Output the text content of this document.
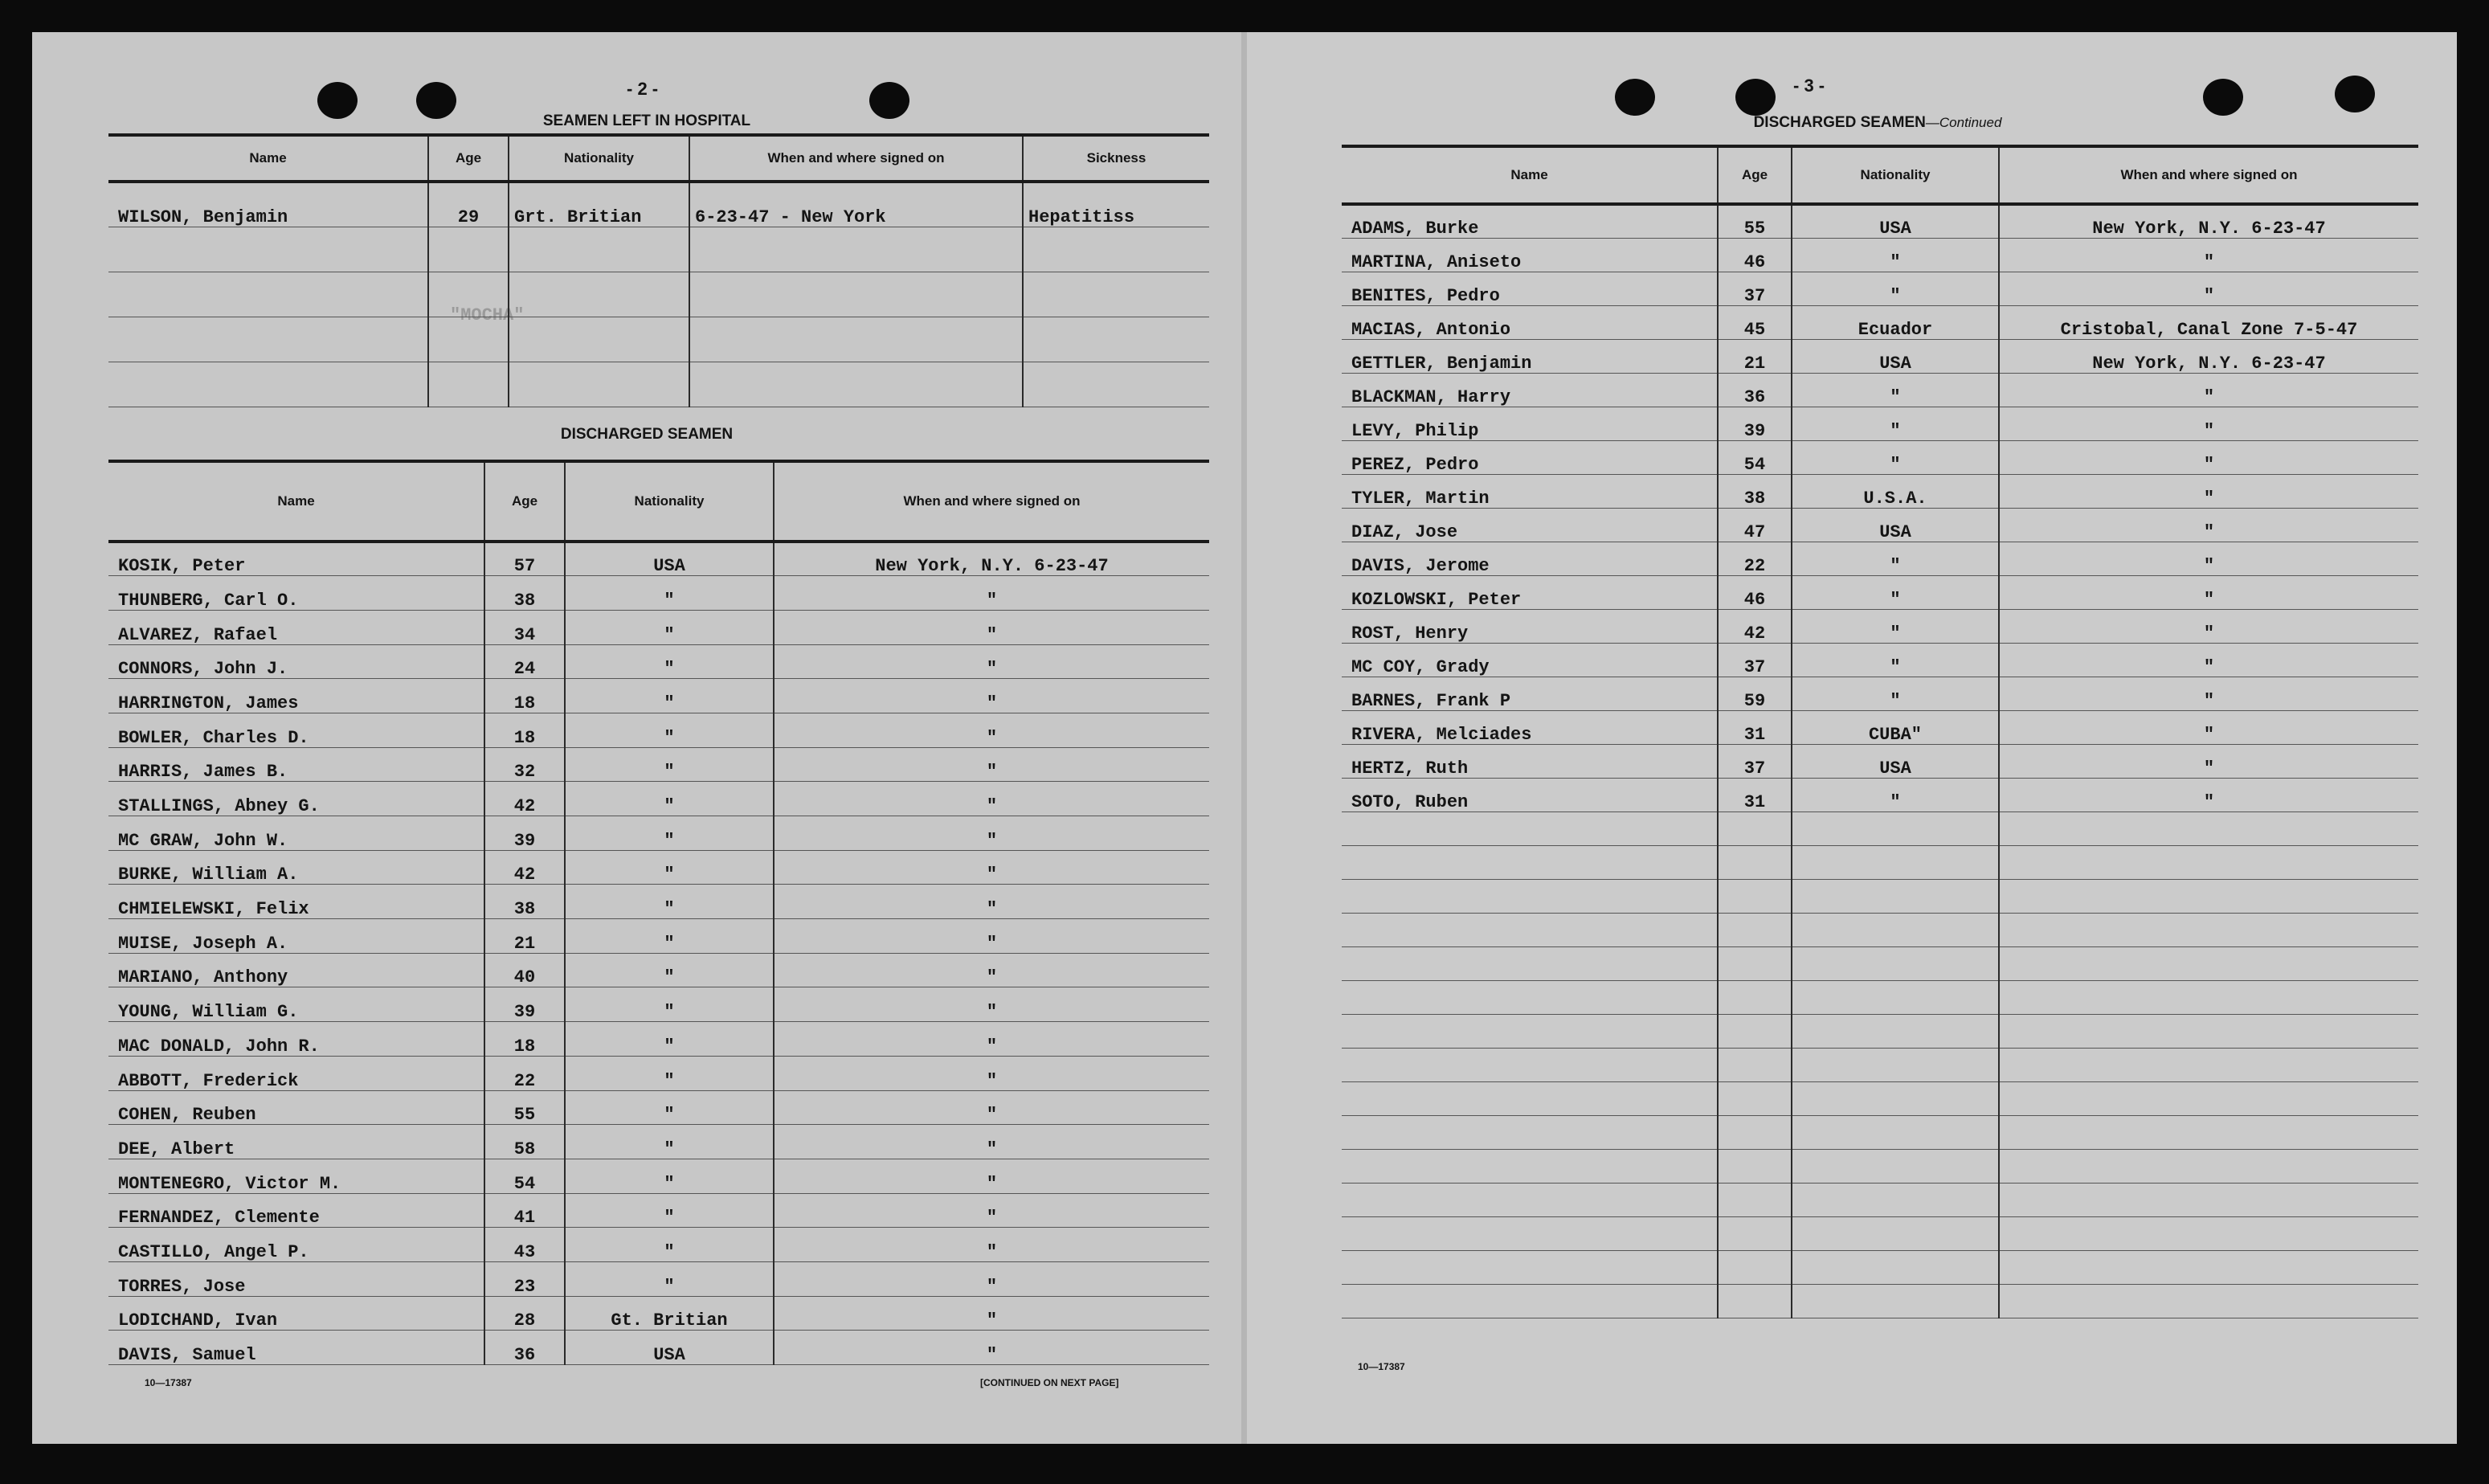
- 2 -
"MOCHA"
SEAMEN LEFT IN HOSPITAL
Name	Age	Nationality	When and where signed on	Sickness
WILSON, Benjamin	29	Grt. Britian	6-23-47 - New York	Hepatitiss

DISCHARGED SEAMEN
Name	Age	Nationality	When and where signed on
KOSIK, Peter	57	USA	New York, N.Y. 6-23-47
THUNBERG, Carl O.	38	"	"
ALVAREZ, Rafael	34	"	"
CONNORS, John J.	24	"	"
HARRINGTON, James	18	"	"
BOWLER, Charles D.	18	"	"
HARRIS, James B.	32	"	"
STALLINGS, Abney G.	42	"	"
MC GRAW, John W.	39	"	"
BURKE, William A.	42	"	"
CHMIELEWSKI, Felix	38	"	"
MUISE, Joseph A.	21	"	"
MARIANO, Anthony	40	"	"
YOUNG, William G.	39	"	"
MAC DONALD, John R.	18	"	"
ABBOTT, Frederick	22	"	"
COHEN, Reuben	55	"	"
DEE, Albert	58	"	"
MONTENEGRO, Victor M.	54	"	"
FERNANDEZ, Clemente	41	"	"
CASTILLO, Angel P.	43	"	"
TORRES, Jose	23	"	"
LODICHAND, Ivan	28	Gt. Britian	"
DAVIS, Samuel	36	USA	"
10—17387	[CONTINUED ON NEXT PAGE]
- 3 -
DISCHARGED SEAMEN—Continued
Name	Age	Nationality	When and where signed on
ADAMS, Burke	55	USA	New York, N.Y. 6-23-47
MARTINA, Aniseto	46	"	"
BENITES, Pedro	37	"	"
MACIAS, Antonio	45	Ecuador	Cristobal, Canal Zone 7-5-47
GETTLER, Benjamin	21	USA	New York, N.Y. 6-23-47
BLACKMAN, Harry	36	"	"
LEVY, Philip	39	"	"
PEREZ, Pedro	54	"	"
TYLER, Martin	38	U.S.A.	"
DIAZ, Jose	47	USA	"
DAVIS, Jerome	22	"	"
KOZLOWSKI, Peter	46	"	"
ROST, Henry	42	"	"
MC COY, Grady	37	"	"
BARNES, Frank P	59	"	"
RIVERA, Melciades	31	CUBA"	"
HERTZ, Ruth	37	USA	"
SOTO, Ruben	31	"	"

10—17387
